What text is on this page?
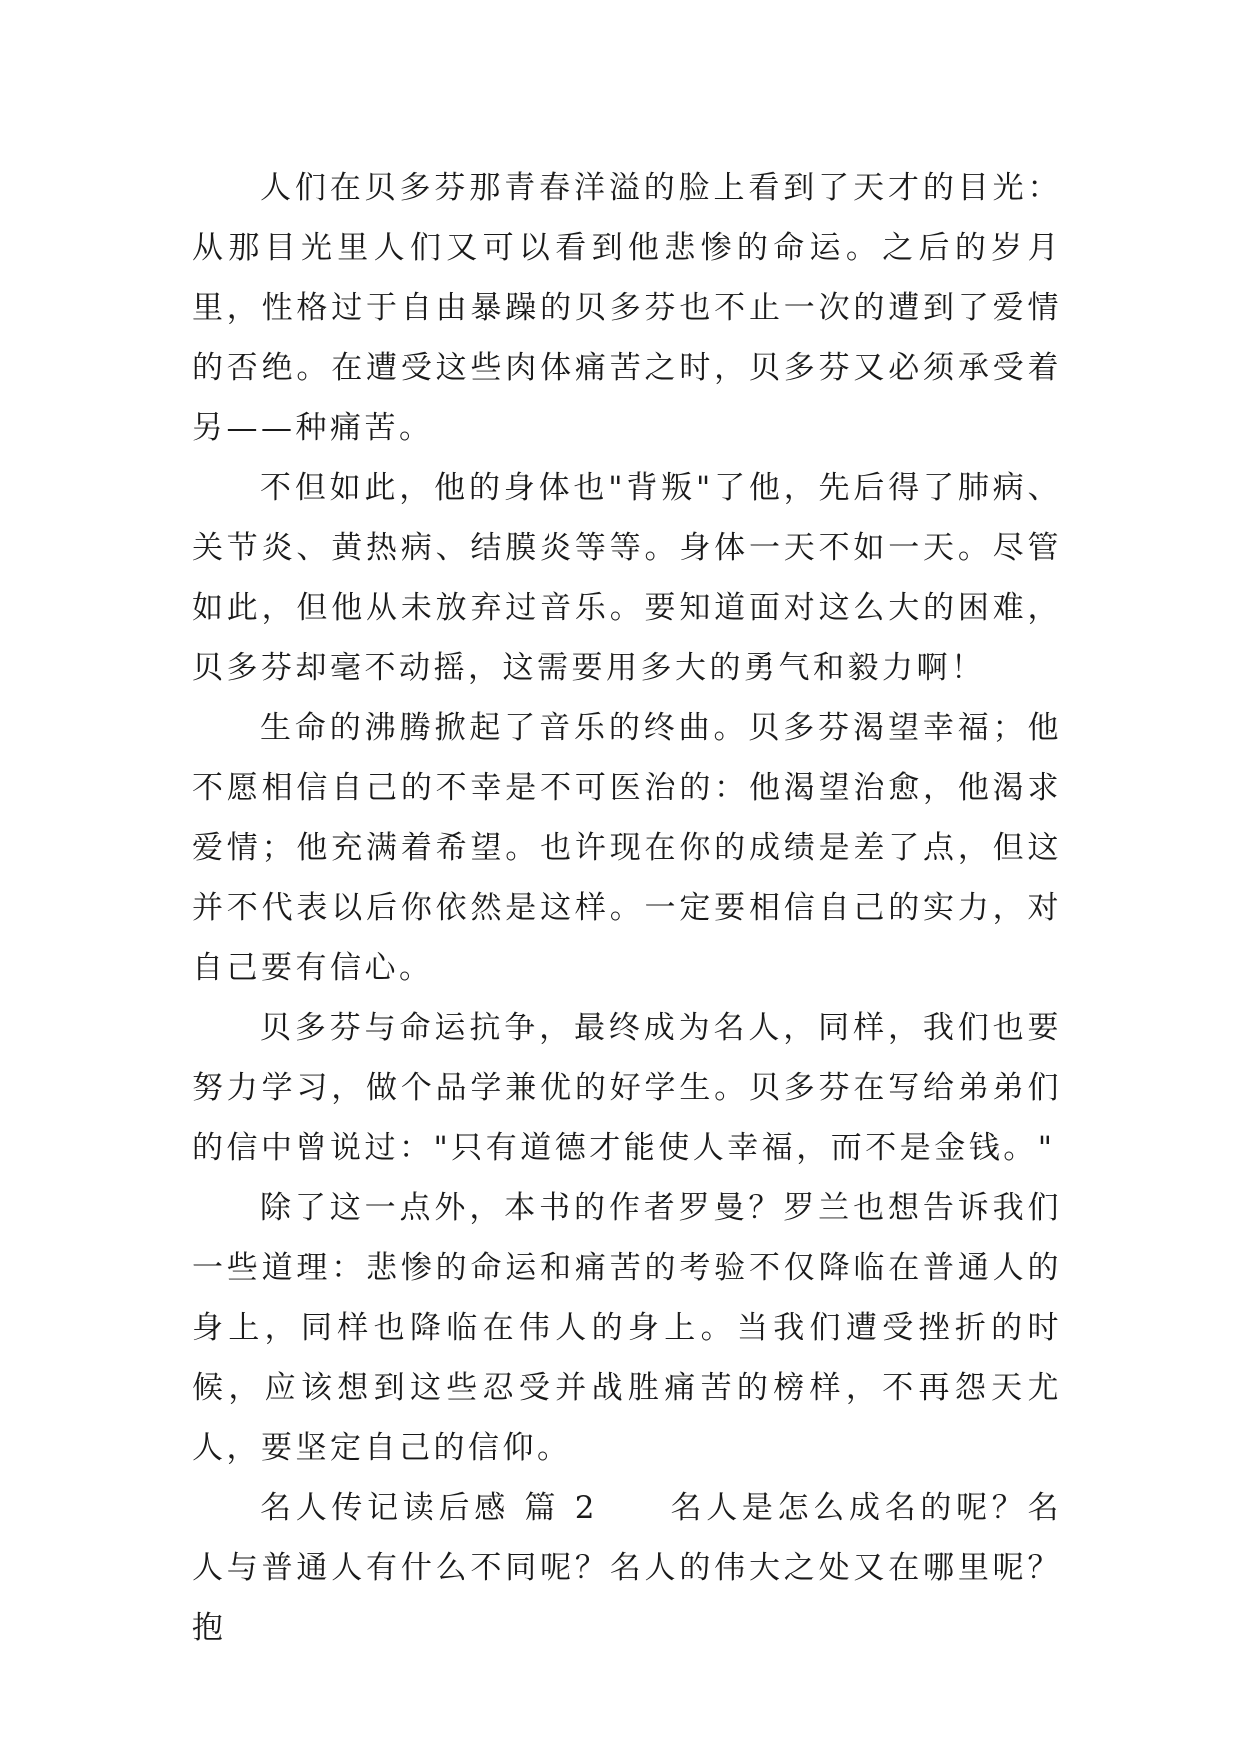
人们在贝多芬那青春洋溢的脸上看到了天才的目光：从那目光里人们又可以看到他悲惨的命运。之后的岁月里，性格过于自由暴躁的贝多芬也不止一次的遭到了爱情的否绝。在遭受这些肉体痛苦之时，贝多芬又必须承受着另——种痛苦。

不但如此，他的身体也"背叛"了他，先后得了肺病、关节炎、黄热病、结膜炎等等。身体一天不如一天。尽管如此，但他从未放弃过音乐。要知道面对这么大的困难，贝多芬却毫不动摇，这需要用多大的勇气和毅力啊！

生命的沸腾掀起了音乐的终曲。贝多芬渴望幸福；他不愿相信自己的不幸是不可医治的：他渴望治愈，他渴求爱情；他充满着希望。也许现在你的成绩是差了点，但这并不代表以后你依然是这样。一定要相信自己的实力，对自己要有信心。

贝多芬与命运抗争，最终成为名人，同样，我们也要努力学习，做个品学兼优的好学生。贝多芬在写给弟弟们的信中曾说过："只有道德才能使人幸福，而不是金钱。"

除了这一点外，本书的作者罗曼？罗兰也想告诉我们一些道理：悲惨的命运和痛苦的考验不仅降临在普通人的身上，同样也降临在伟人的身上。当我们遭受挫折的时候，应该想到这些忍受并战胜痛苦的榜样，不再怨天尤人，要坚定自己的信仰。

名人传记读后感 篇 2　　名人是怎么成名的呢？名人与普通人有什么不同呢？名人的伟大之处又在哪里呢？抱
